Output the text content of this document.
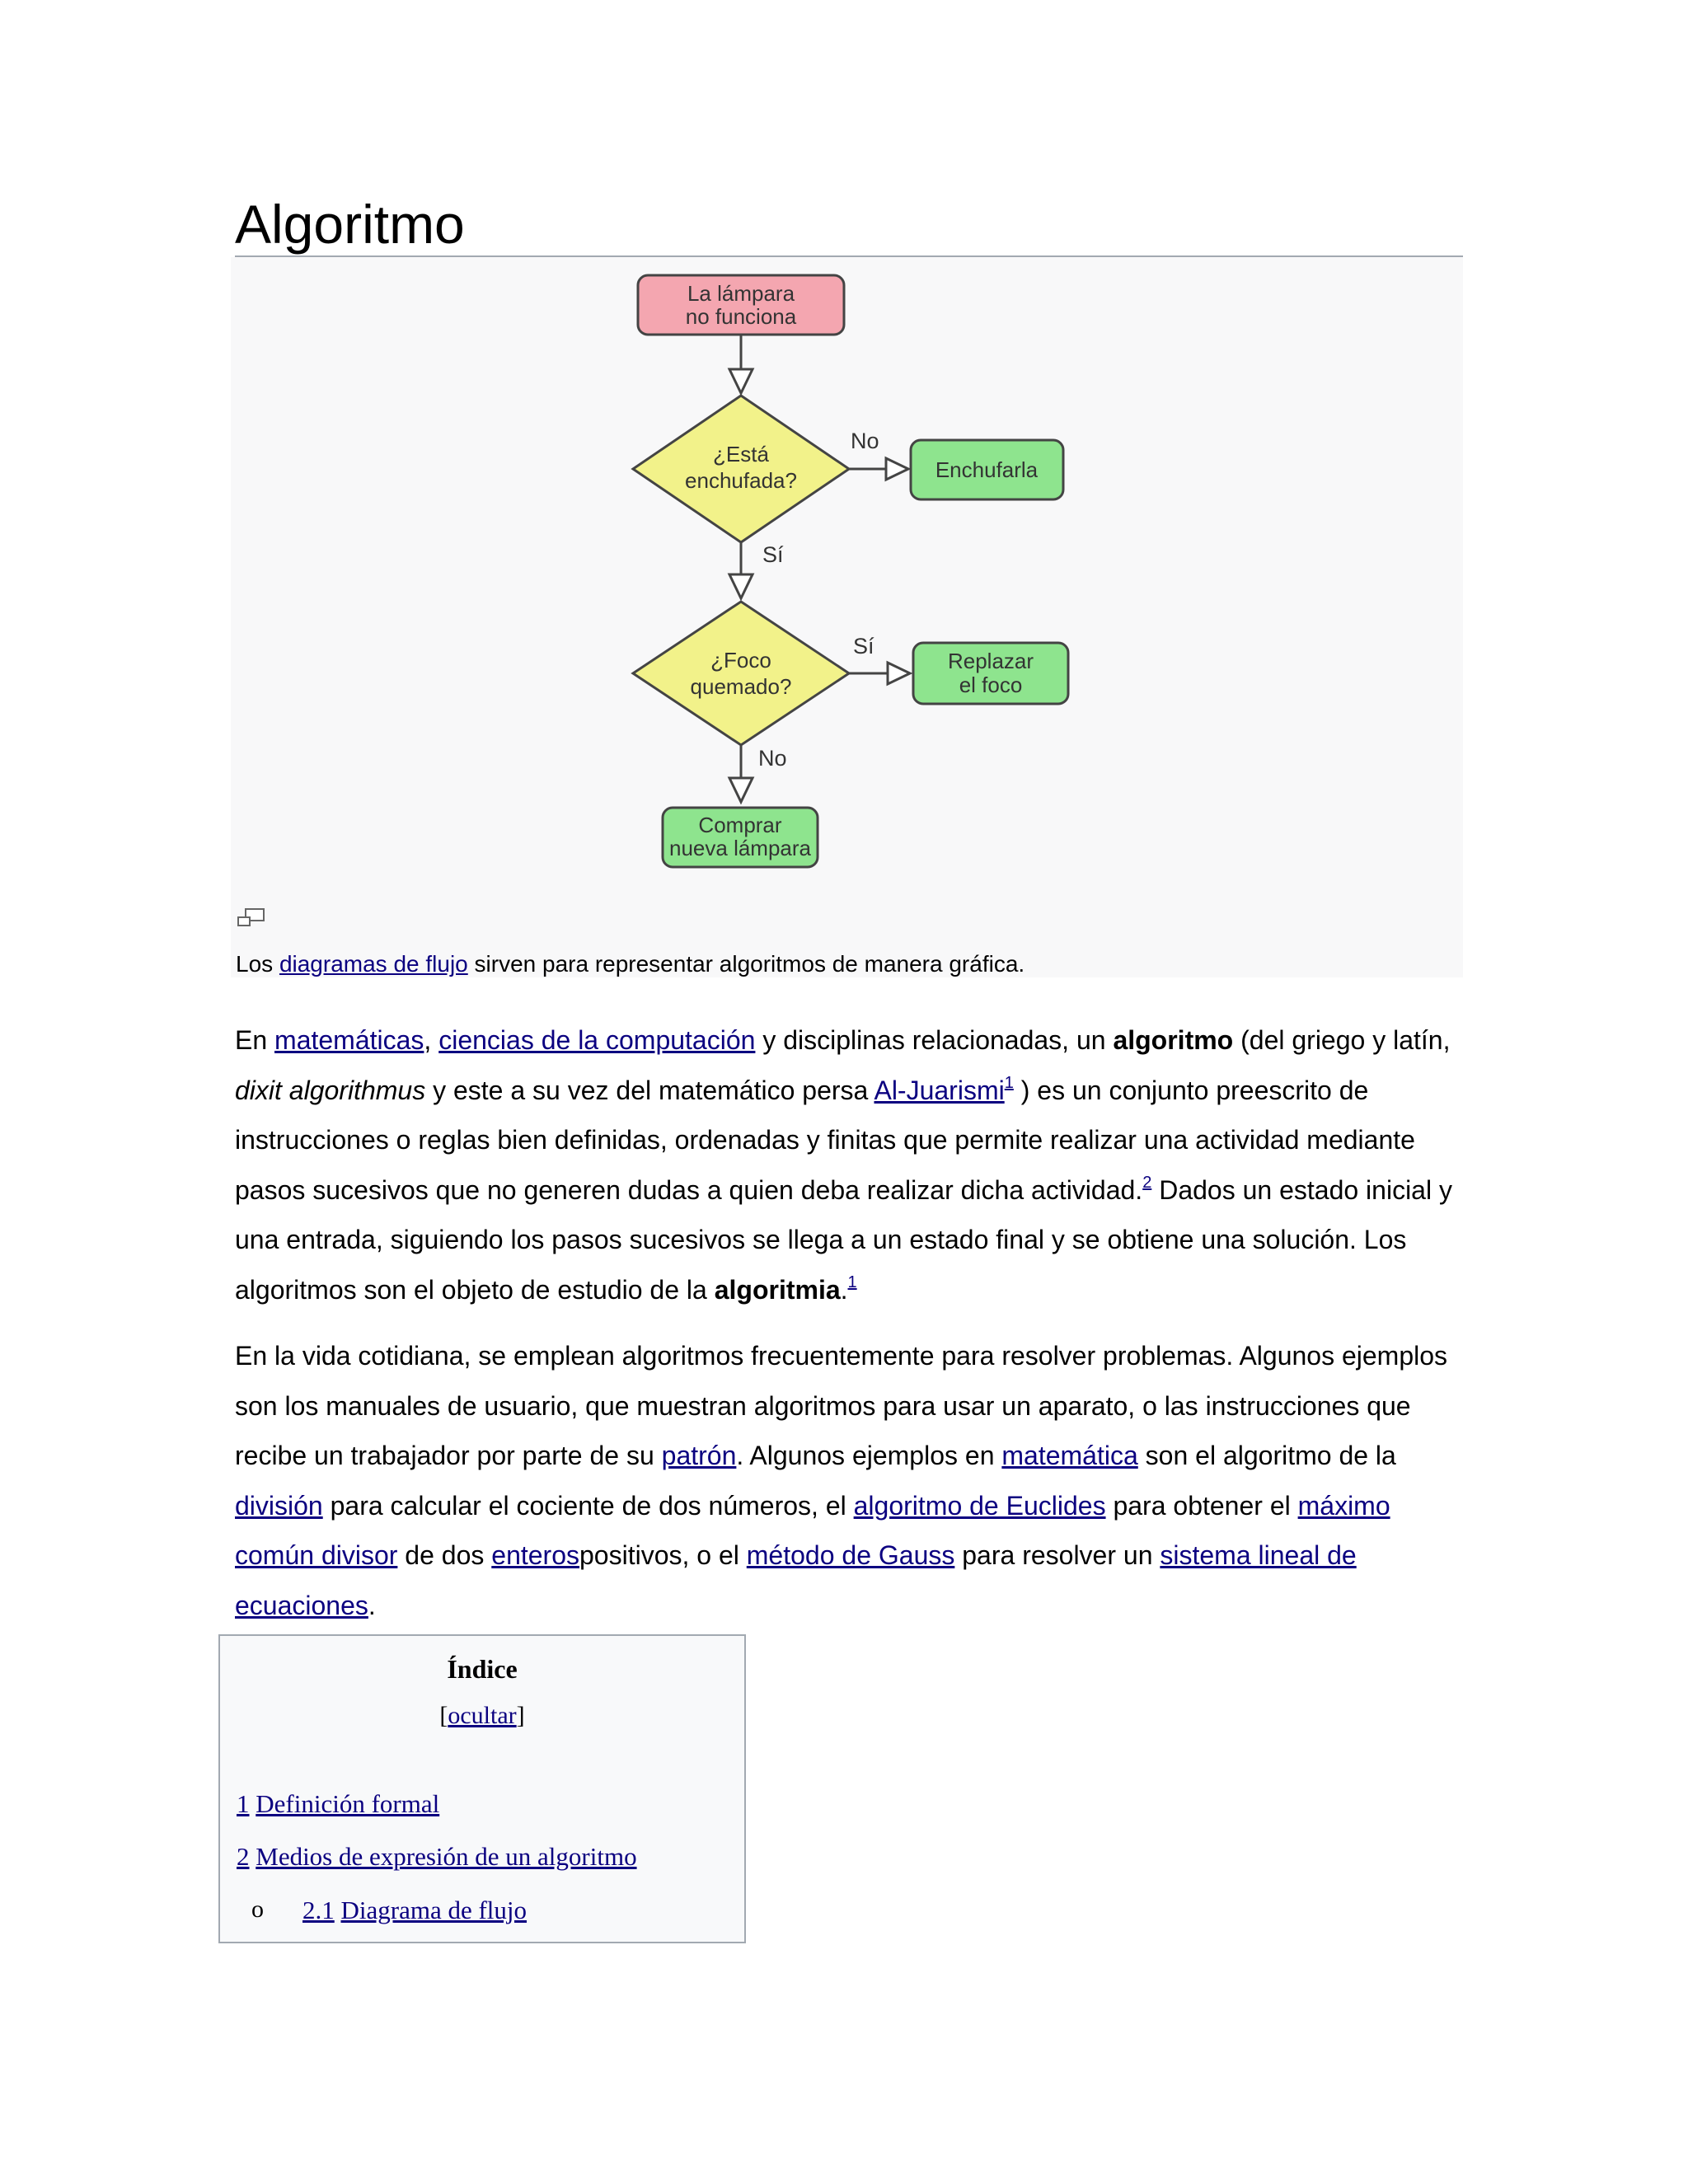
Algoritmo
La lámpara
no funciona
¿Está
enchufada?
No
Enchufarla
Sí
¿Foco
quemado?
Sí
Replazar
el foco
No
Comprar
nueva lámpara
Los diagramas de flujo sirven para representar algoritmos de manera gráfica.

En matemáticas, ciencias de la computación y disciplinas relacionadas, un algoritmo (del griego y latín, dixit algorithmus y este a su vez del matemático persa Al-Juarismi$^1$ ) es un conjunto preescrito de instrucciones o reglas bien definidas, ordenadas y finitas que permite realizar una actividad mediante pasos sucesivos que no generen dudas a quien deba realizar dicha actividad.$^2$ Dados un estado inicial y una entrada, siguiendo los pasos sucesivos se llega a un estado final y se obtiene una solución. Los algoritmos son el objeto de estudio de la algoritmia.$^1$

En la vida cotidiana, se emplean algoritmos frecuentemente para resolver problemas. Algunos ejemplos son los manuales de usuario, que muestran algoritmos para usar un aparato, o las instrucciones que recibe un trabajador por parte de su patrón. Algunos ejemplos en matemática son el algoritmo de la división para calcular el cociente de dos números, el algoritmo de Euclides para obtener el máximo común divisor de dos enterospositivos, o el método de Gauss para resolver un sistema lineal de ecuaciones.

Índice
[ocultar]
1 Definición formal
2 Medios de expresión de un algoritmo
o 2.1 Diagrama de flujo
